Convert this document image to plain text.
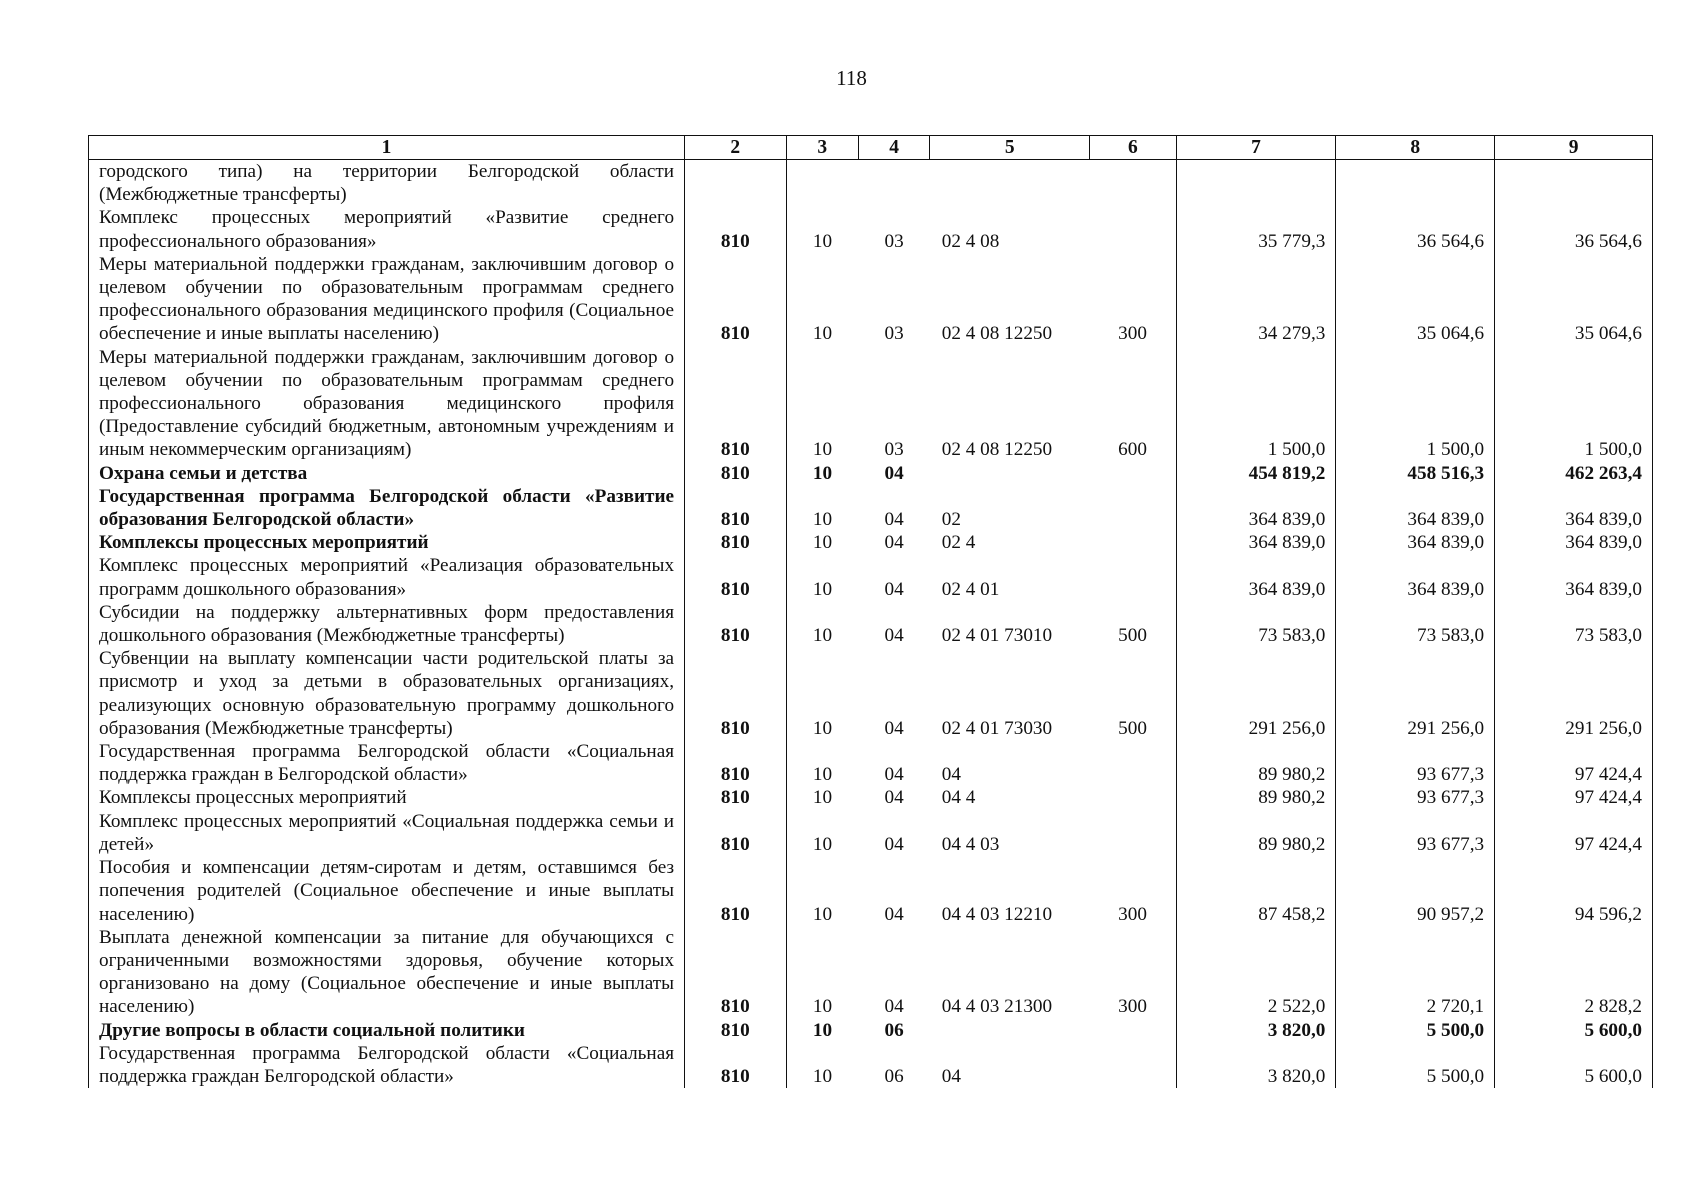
118
1	2	3	4	5	6	7	8	9
городского типа) на территории Белгородской области (Межбюджетные трансферты)								
Комплекс процессных мероприятий «Развитие среднего профессионального образования»	810	10	03	02 4 08		35 779,3	36 564,6	36 564,6
Меры материальной поддержки гражданам, заключившим договор о целевом обучении по образовательным программам среднего профессионального образования медицинского профиля (Социальное обеспечение и иные выплаты населению)	810	10	03	02 4 08 12250	300	34 279,3	35 064,6	35 064,6
Меры материальной поддержки гражданам, заключившим договор о целевом обучении по образовательным программам среднего профессионального образования медицинского профиля (Предоставление субсидий бюджетным, автономным учреждениям и иным некоммерческим организациям)	810	10	03	02 4 08 12250	600	1 500,0	1 500,0	1 500,0
Охрана семьи и детства	810	10	04			454 819,2	458 516,3	462 263,4
Государственная программа Белгородской области «Развитие образования Белгородской области»	810	10	04	02		364 839,0	364 839,0	364 839,0
Комплексы процессных мероприятий	810	10	04	02 4		364 839,0	364 839,0	364 839,0
Комплекс процессных мероприятий «Реализация образовательных программ дошкольного образования»	810	10	04	02 4 01		364 839,0	364 839,0	364 839,0
Субсидии на поддержку альтернативных форм предоставления дошкольного образования (Межбюджетные трансферты)	810	10	04	02 4 01 73010	500	73 583,0	73 583,0	73 583,0
Субвенции на выплату компенсации части родительской платы за присмотр и уход за детьми в образовательных организациях, реализующих основную образовательную программу дошкольного образования (Межбюджетные трансферты)	810	10	04	02 4 01 73030	500	291 256,0	291 256,0	291 256,0
Государственная программа Белгородской области «Социальная поддержка граждан в Белгородской области»	810	10	04	04		89 980,2	93 677,3	97 424,4
Комплексы процессных мероприятий	810	10	04	04 4		89 980,2	93 677,3	97 424,4
Комплекс процессных мероприятий «Социальная поддержка семьи и детей»	810	10	04	04 4 03		89 980,2	93 677,3	97 424,4
Пособия и компенсации детям-сиротам и детям, оставшимся без попечения родителей (Социальное обеспечение и иные выплаты населению)	810	10	04	04 4 03 12210	300	87 458,2	90 957,2	94 596,2
Выплата денежной компенсации за питание для обучающихся с ограниченными возможностями здоровья, обучение которых организовано на дому (Социальное обеспечение и иные выплаты населению)	810	10	04	04 4 03 21300	300	2 522,0	2 720,1	2 828,2
Другие вопросы в области социальной политики	810	10	06			3 820,0	5 500,0	5 600,0
Государственная программа Белгородской области «Социальная поддержка граждан Белгородской области»	810	10	06	04		3 820,0	5 500,0	5 600,0
